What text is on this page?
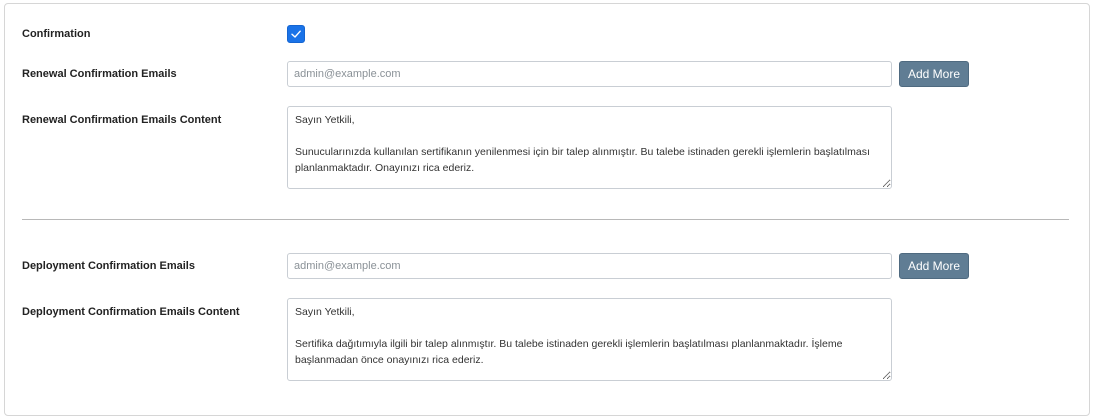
Confirmation
Renewal Confirmation Emails
admin@example.com	Add More
Renewal Confirmation Emails Content
Sayın Yetkili, Sunucularınızda kullanılan sertifikanın yenilenmesi için bir talep alınmıştır. Bu talebe istinaden gerekli işlemlerin başlatılması planlanmaktadır. Onayınızı rica ederiz.
Deployment Confirmation Emails
admin@example.com	Add More
Deployment Confirmation Emails Content
Sayın Yetkili, Sertifika dağıtımıyla ilgili bir talep alınmıştır. Bu talebe istinaden gerekli işlemlerin başlatılması planlanmaktadır. İşleme başlanmadan önce onayınızı rica ederiz.
